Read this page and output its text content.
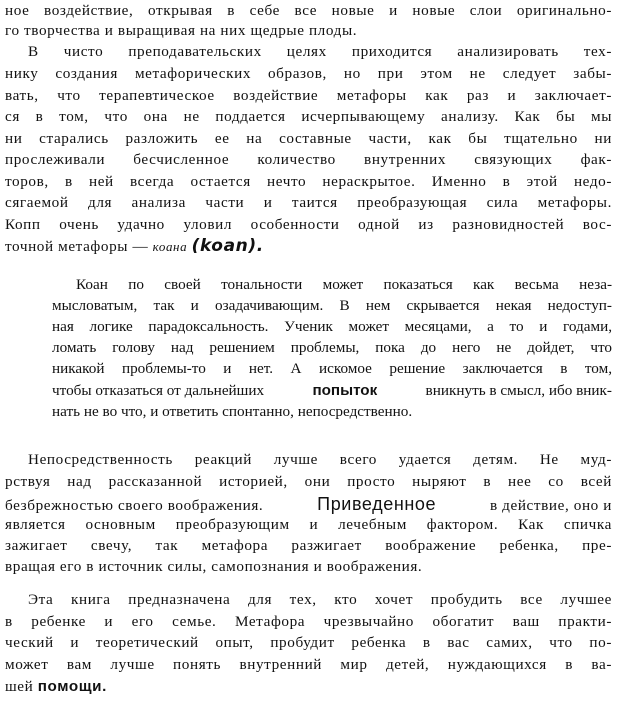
ное воздействие, открывая в себе все новые и новые слои оригинально-
го творчества и выращивая на них щедрые плоды.
В чисто преподавательских целях приходится анализировать тех-
нику создания метафорических образов, но при этом не следует забы-
вать, что терапевтическое воздействие метафоры как раз и заключает-
ся в том, что она не поддается исчерпывающему анализу. Как бы мы
ни старались разложить ее на составные части, как бы тщательно ни
прослеживали бесчисленное количество внутренних связующих фак-
торов, в ней всегда остается нечто нераскрытое. Именно в этой недо-
сягаемой для анализа части и таится преобразующая сила метафоры.
Копп очень удачно уловил особенности одной из разновидностей вос-
точной метафоры — коана (koan).
Коан по своей тональности может показаться как весьма неза-
мысловатым, так и озадачивающим. В нем скрывается некая недоступ-
ная логике парадоксальность. Ученик может месяцами, а то и годами,
ломать голову над решением проблемы, пока до него не дойдет, что
никакой проблемы-то и нет. А искомое решение заключается в том,
чтобы отказаться от дальнейших	попыток	вникнуть в смысл, ибо вник-
нать не во что, и ответить спонтанно, непосредственно.
Непосредственность реакций лучше всего удается детям. Не муд-
рствуя над рассказанной историей, они просто ныряют в нее со всей
безбрежностью своего воображения.	Приведенное	в действие, оно и
является основным преобразующим и лечебным фактором. Как спичка
зажигает свечу, так метафора разжигает воображение ребенка, пре-
вращая его в источник силы, самопознания и воображения.
Эта книга предназначена для тех, кто хочет пробудить все лучшее
в ребенке и его семье. Метафора чрезвычайно обогатит ваш практи-
ческий и теоретический опыт, пробудит ребенка в вас самих, что по-
может вам лучше понять внутренний мир детей, нуждающихся в ва-
шей помощи.
